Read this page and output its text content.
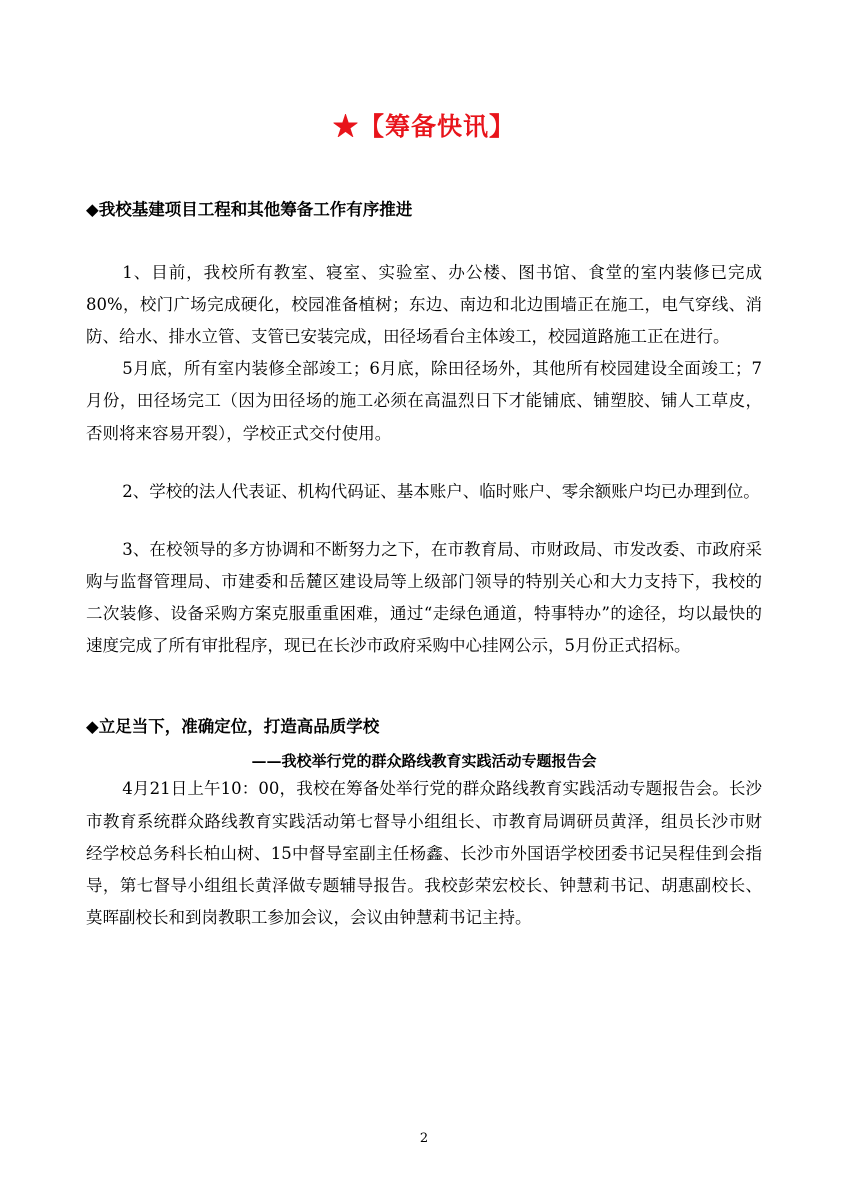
★【筹备快讯】
◆我校基建项目工程和其他筹备工作有序推进

1、目前，我校所有教室、寝室、实验室、办公楼、图书馆、食堂的室内装修已完成80%，校门广场完成硬化，校园准备植树；东边、南边和北边围墙正在施工，电气穿线、消防、给水、排水立管、支管已安装完成，田径场看台主体竣工，校园道路施工正在进行。

5月底，所有室内装修全部竣工；6月底，除田径场外，其他所有校园建设全面竣工；7月份，田径场完工（因为田径场的施工必须在高温烈日下才能铺底、铺塑胶、铺人工草皮，否则将来容易开裂），学校正式交付使用。

2、学校的法人代表证、机构代码证、基本账户、临时账户、零余额账户均已办理到位。

3、在校领导的多方协调和不断努力之下，在市教育局、市财政局、市发改委、市政府采购与监督管理局、市建委和岳麓区建设局等上级部门领导的特别关心和大力支持下，我校的二次装修、设备采购方案克服重重困难，通过“走绿色通道，特事特办”的途径，均以最快的速度完成了所有审批程序，现已在长沙市政府采购中心挂网公示，5月份正式招标。

◆立足当下，准确定位，打造高品质学校

——我校举行党的群众路线教育实践活动专题报告会

4月21日上午10：00，我校在筹备处举行党的群众路线教育实践活动专题报告会。长沙市教育系统群众路线教育实践活动第七督导小组组长、市教育局调研员黄泽，组员长沙市财经学校总务科长柏山树、15中督导室副主任杨鑫、长沙市外国语学校团委书记吴程佳到会指导，第七督导小组组长黄泽做专题辅导报告。我校彭荣宏校长、钟慧莉书记、胡惠副校长、莫晖副校长和到岗教职工参加会议，会议由钟慧莉书记主持。

2
